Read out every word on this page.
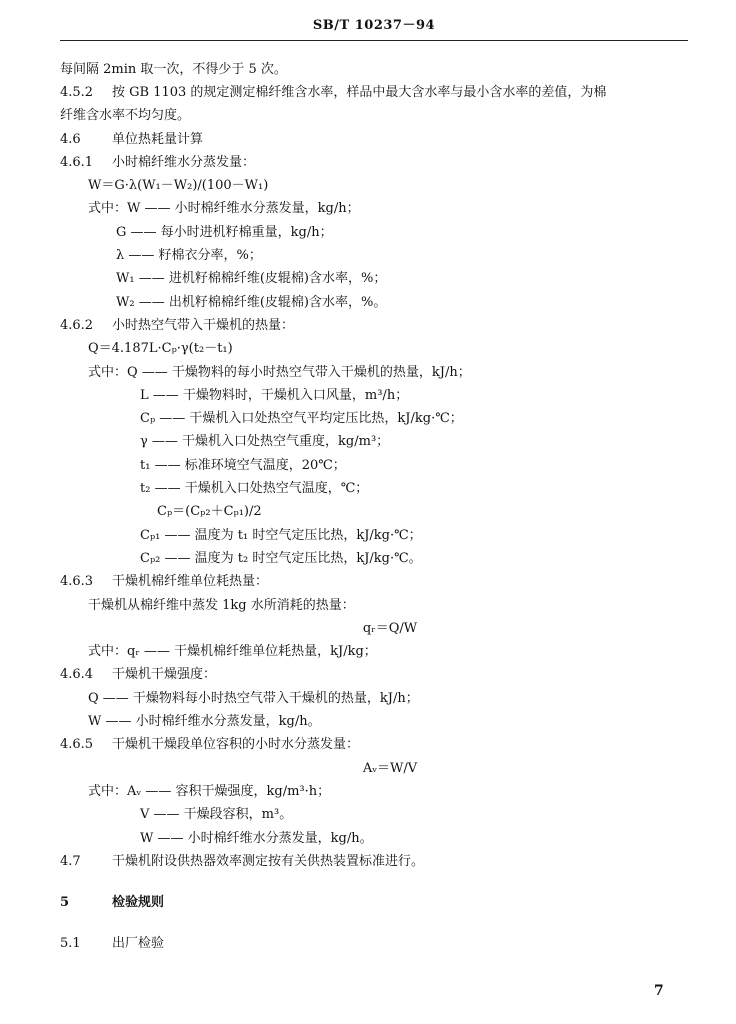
SB/T 10237－94
每间隔 2min 取一次，不得少于 5 次。
4.5.2 按 GB 1103 的规定测定棉纤维含水率，样品中最大含水率与最小含水率的差值，为棉
纤维含水率不均匀度。
4.6 单位热耗量计算
4.6.1 小时棉纤维水分蒸发量：
W＝G·λ(W₁－W₂)/(100－W₁)
式中：W —— 小时棉纤维水分蒸发量，kg/h；
G —— 每小时进机籽棉重量，kg/h；
λ —— 籽棉衣分率，%；
W₁ —— 进机籽棉棉纤维(皮辊棉)含水率，%；
W₂ —— 出机籽棉棉纤维(皮辊棉)含水率，%。
4.6.2 小时热空气带入干燥机的热量：
Q＝4.187L·Cₚ·γ(t₂－t₁)
式中：Q —— 干燥物料的每小时热空气带入干燥机的热量，kJ/h；
L —— 干燥物料时，干燥机入口风量，m³/h；
Cₚ —— 干燥机入口处热空气平均定压比热，kJ/kg·℃；
γ —— 干燥机入口处热空气重度，kg/m³；
t₁ —— 标准环境空气温度，20℃；
t₂ —— 干燥机入口处热空气温度，℃；
Cₚ＝(Cₚ₂＋Cₚ₁)/2
Cₚ₁ —— 温度为 t₁ 时空气定压比热，kJ/kg·℃；
Cₚ₂ —— 温度为 t₂ 时空气定压比热，kJ/kg·℃。
4.6.3 干燥机棉纤维单位耗热量：
干燥机从棉纤维中蒸发 1kg 水所消耗的热量：
qᵣ＝Q/W
式中：qᵣ —— 干燥机棉纤维单位耗热量，kJ/kg；
4.6.4 干燥机干燥强度：
Q —— 干燥物料每小时热空气带入干燥机的热量，kJ/h；
W —— 小时棉纤维水分蒸发量，kg/h。
4.6.5 干燥机干燥段单位容积的小时水分蒸发量：
Aᵥ＝W/V
式中：Aᵥ —— 容积干燥强度，kg/m³·h；
V —— 干燥段容积，m³。
W —— 小时棉纤维水分蒸发量，kg/h。
4.7 干燥机附设供热器效率测定按有关供热装置标准进行。
5	检验规则
5.1 出厂检验
7
